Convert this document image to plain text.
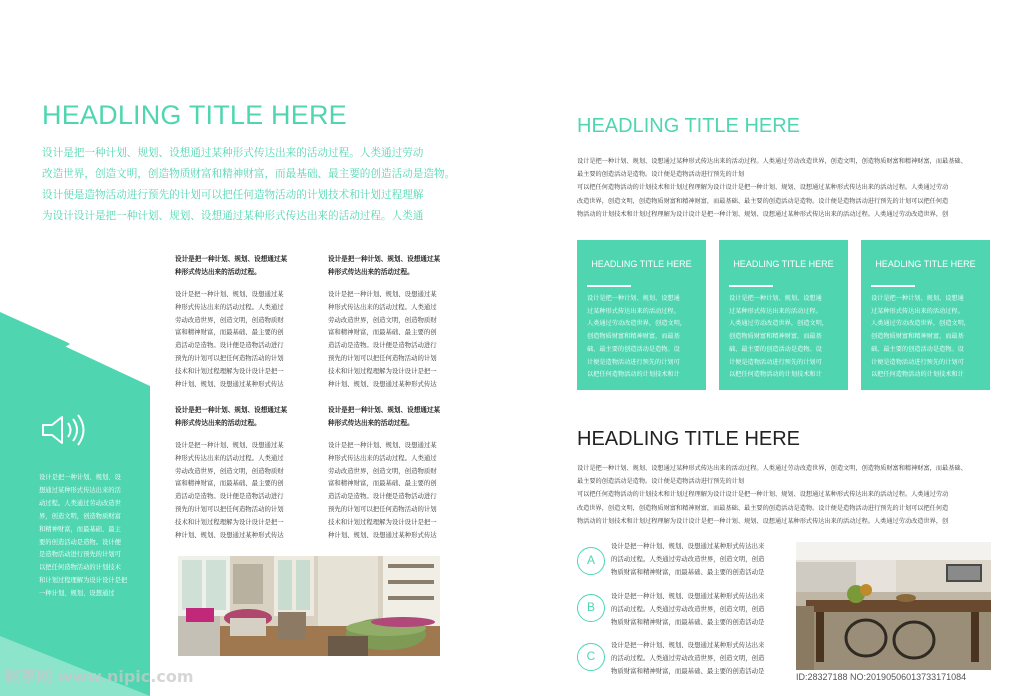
HEADLING TITLE HERE
设计是把一种计划、规划、设想通过某种形式传达出来的活动过程。人类通过劳动
改造世界，创造文明，创造物质财富和精神财富，而最基础、最主要的创造活动是造物。
设计便是造物活动进行预先的计划可以把任何造物活动的计划技术和计划过程理解
为设计设计是把一种计划、规划、设想通过某种形式传达出来的活动过程。人类通
设计是把一种计划、规划、设想通过某
种形式传达出来的活动过程。
设计是把一种计划、规划、设想通过某
种形式传达出来的活动过程。人类通过
劳动改造世界，创造文明，创造物质财
富和精神财富，而最基础、最主要的创
造活动是造物。设计便是造物活动进行
预先的计划可以把任何造物活动的计划
技术和计划过程理解为设计设计是把一
种计划、规划、设想通过某种形式传达
设计是把一种计划、规划、设想通过某
种形式传达出来的活动过程。
设计是把一种计划、规划、设想通过某
种形式传达出来的活动过程。人类通过
劳动改造世界，创造文明，创造物质财
富和精神财富，而最基础、最主要的创
造活动是造物。设计便是造物活动进行
预先的计划可以把任何造物活动的计划
技术和计划过程理解为设计设计是把一
种计划、规划、设想通过某种形式传达
设计是把一种计划、规划、设想通过某
种形式传达出来的活动过程。
设计是把一种计划、规划、设想通过某
种形式传达出来的活动过程。人类通过
劳动改造世界，创造文明，创造物质财
富和精神财富，而最基础、最主要的创
造活动是造物。设计便是造物活动进行
预先的计划可以把任何造物活动的计划
技术和计划过程理解为设计设计是把一
种计划、规划、设想通过某种形式传达
设计是把一种计划、规划、设想通过某
种形式传达出来的活动过程。
设计是把一种计划、规划、设想通过某
种形式传达出来的活动过程。人类通过
劳动改造世界，创造文明，创造物质财
富和精神财富，而最基础、最主要的创
造活动是造物。设计便是造物活动进行
预先的计划可以把任何造物活动的计划
技术和计划过程理解为设计设计是把一
种计划、规划、设想通过某种形式传达
设计是把一种计划、规划、设
想通过某种形式传达出来的活
动过程。人类通过劳动改造世
界，创造文明，创造物质财富
和精神财富，而最基础、最主
要的创造活动是造物。设计便
是造物活动进行预先的计划可
以把任何造物活动的计划技术
和计划过程理解为设计设计是把
一种计划、规划、设想通过
HEADLING TITLE HERE
设计是把一种计划、规划、设想通过某种形式传达出来的活动过程。人类通过劳动改造世界，创造文明，创造物质财富和精神财富，而最基础、
最主要的创造活动是造物。设计便是造物活动进行预先的计划
可以把任何造物活动的计划技术和计划过程理解为设计设计是把一种计划、规划、设想通过某种形式传达出来的活动过程。人类通过劳动
改造世界，创造文明，创造物质财富和精神财富，而最基础、最主要的创造活动是造物。设计便是造物活动进行预先的计划可以把任何造
物活动的计划技术和计划过程理解为设计设计是把一种计划、规划、设想通过某种形式传达出来的活动过程。人类通过劳动改造世界，创
HEADLING TITLE HERE
设计是把一种计划、规划、设想通
过某种形式传达出来的活动过程。
人类通过劳动改造世界，创造文明，
创造物质财富和精神财富，而最基
础、最主要的创造活动是造物。设
计便是造物活动进行预先的计划可
以把任何造物活动的计划技术和计
HEADLING TITLE HERE
设计是把一种计划、规划、设想通
过某种形式传达出来的活动过程。
人类通过劳动改造世界，创造文明，
创造物质财富和精神财富，而最基
础、最主要的创造活动是造物。设
计便是造物活动进行预先的计划可
以把任何造物活动的计划技术和计
HEADLING TITLE HERE
设计是把一种计划、规划、设想通
过某种形式传达出来的活动过程。
人类通过劳动改造世界，创造文明，
创造物质财富和精神财富，而最基
础、最主要的创造活动是造物。设
计便是造物活动进行预先的计划可
以把任何造物活动的计划技术和计
HEADLING TITLE HERE
设计是把一种计划、规划、设想通过某种形式传达出来的活动过程。人类通过劳动改造世界，创造文明，创造物质财富和精神财富，而最基础、
最主要的创造活动是造物。设计便是造物活动进行预先的计划
可以把任何造物活动的计划技术和计划过程理解为设计设计是把一种计划、规划、设想通过某种形式传达出来的活动过程。人类通过劳动
改造世界，创造文明，创造物质财富和精神财富，而最基础、最主要的创造活动是造物。设计便是造物活动进行预先的计划可以把任何造
物活动的计划技术和计划过程理解为设计设计是把一种计划、规划、设想通过某种形式传达出来的活动过程。人类通过劳动改造世界，创
A
设计是把一种计划、规划、设想通过某种形式传达出来
的活动过程。人类通过劳动改造世界，创造文明，创造
物质财富和精神财富，而最基础、最主要的创造活动是
B
设计是把一种计划、规划、设想通过某种形式传达出来
的活动过程。人类通过劳动改造世界，创造文明，创造
物质财富和精神财富，而最基础、最主要的创造活动是
C
设计是把一种计划、规划、设想通过某种形式传达出来
的活动过程。人类通过劳动改造世界，创造文明，创造
物质财富和精神财富，而最基础、最主要的创造活动是
昵享网 www.nipic.com	ID:28327188 NO:20190506013733171084
